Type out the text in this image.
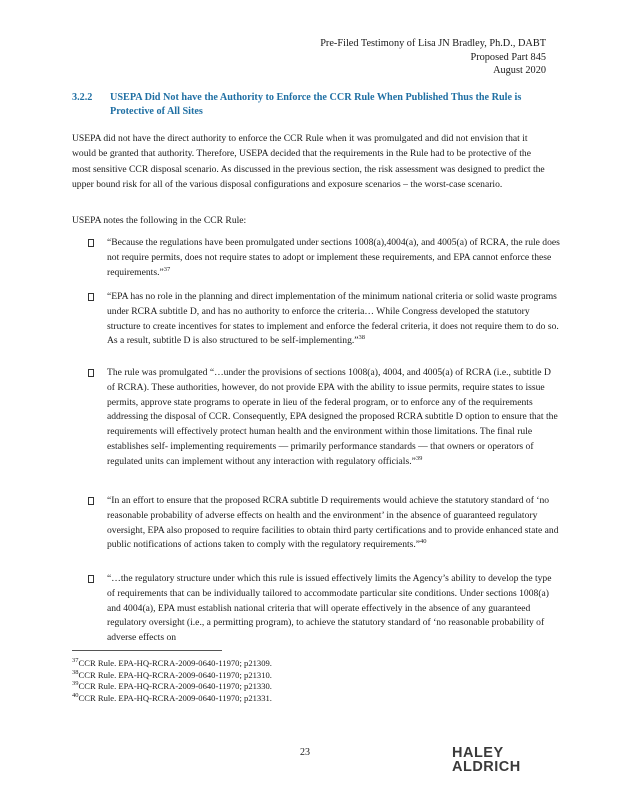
Pre-Filed Testimony of Lisa JN Bradley, Ph.D., DABT
Proposed Part 845
August 2020
3.2.2 USEPA Did Not have the Authority to Enforce the CCR Rule When Published Thus the Rule is Protective of All Sites
USEPA did not have the direct authority to enforce the CCR Rule when it was promulgated and did not envision that it would be granted that authority. Therefore, USEPA decided that the requirements in the Rule had to be protective of the most sensitive CCR disposal scenario. As discussed in the previous section, the risk assessment was designed to predict the upper bound risk for all of the various disposal configurations and exposure scenarios – the worst-case scenario.
USEPA notes the following in the CCR Rule:
“Because the regulations have been promulgated under sections 1008(a),4004(a), and 4005(a) of RCRA, the rule does not require permits, does not require states to adopt or implement these requirements, and EPA cannot enforce these requirements.”$^{37}$
“EPA has no role in the planning and direct implementation of the minimum national criteria or solid waste programs under RCRA subtitle D, and has no authority to enforce the criteria… While Congress developed the statutory structure to create incentives for states to implement and enforce the federal criteria, it does not require them to do so. As a result, subtitle D is also structured to be self-implementing.”$^{38}$
The rule was promulgated “…under the provisions of sections 1008(a), 4004, and 4005(a) of RCRA (i.e., subtitle D of RCRA). These authorities, however, do not provide EPA with the ability to issue permits, require states to issue permits, approve state programs to operate in lieu of the federal program, or to enforce any of the requirements addressing the disposal of CCR. Consequently, EPA designed the proposed RCRA subtitle D option to ensure that the requirements will effectively protect human health and the environment within those limitations. The final rule establishes self- implementing requirements — primarily performance standards — that owners or operators of regulated units can implement without any interaction with regulatory officials.”$^{39}$
“In an effort to ensure that the proposed RCRA subtitle D requirements would achieve the statutory standard of ‘no reasonable probability of adverse effects on health and the environment’ in the absence of guaranteed regulatory oversight, EPA also proposed to require facilities to obtain third party certifications and to provide enhanced state and public notifications of actions taken to comply with the regulatory requirements.”$^{40}$
“…the regulatory structure under which this rule is issued effectively limits the Agency’s ability to develop the type of requirements that can be individually tailored to accommodate particular site conditions. Under sections 1008(a) and 4004(a), EPA must establish national criteria that will operate effectively in the absence of any guaranteed regulatory oversight (i.e., a permitting program), to achieve the statutory standard of ‘no reasonable probability of adverse effects on
$^{37}$CCR Rule. EPA-HQ-RCRA-2009-0640-11970; p21309.
$^{38}$CCR Rule. EPA-HQ-RCRA-2009-0640-11970; p21310.
$^{39}$CCR Rule. EPA-HQ-RCRA-2009-0640-11970; p21330.
$^{40}$CCR Rule. EPA-HQ-RCRA-2009-0640-11970; p21331.
23	HALEY
ALDRICH
